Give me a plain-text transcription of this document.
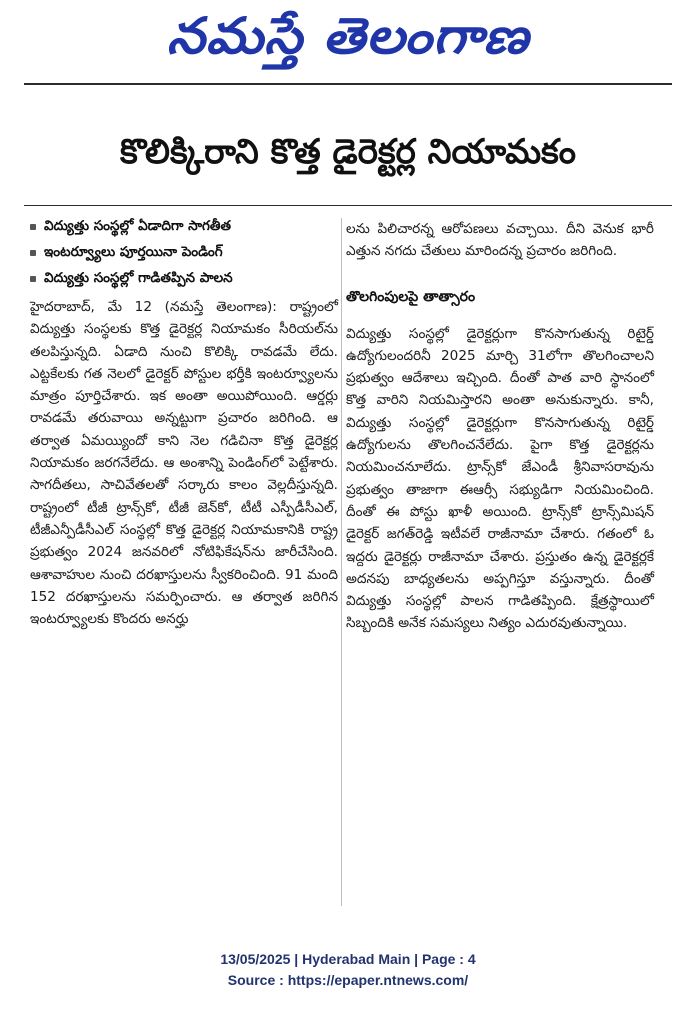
నమస్తే తెలంగాణ
కొలిక్కిరాని కొత్త డైరెక్టర్ల నియామకం
విద్యుత్తు సంస్థల్లో ఏడాదిగా సాగతీత
ఇంటర్వ్యూలు పూర్తయినా పెండింగ్
విద్యుత్తు సంస్థల్లో గాడితప్పిన పాలన

హైదరాబాద్, మే 12 (నమస్తే తెలంగాణ): రాష్ట్రంలో విద్యుత్తు సంస్థలకు కొత్త డైరెక్టర్ల నియామకం సీరియల్‌ను తలపిస్తున్నది. ఏడాది నుంచి కొలిక్కి రావడమే లేదు. ఎట్టకేలకు గత నెలలో డైరెక్టర్ పోస్టుల భర్తీకి ఇంటర్వ్యూలను మాత్రం పూర్తిచేశారు. ఇక అంతా అయిపోయింది. ఆర్డర్లు రావడమే తరువాయి అన్నట్టుగా ప్రచారం జరిగింది. ఆ తర్వాత ఏమయ్యిందో కాని నెల గడిచినా కొత్త డైరెక్టర్ల నియామకం జరగనేలేదు. ఆ అంశాన్ని పెండింగ్‌లో పెట్టేశారు. సాగదీతలు, సాచివేతలతో సర్కారు కాలం వెల్లదీస్తున్నది. రాష్ట్రంలో టీజీ ట్రాన్స్‌కో, టీజీ జెన్‌కో, టీటీ ఎస్పీడీసీఎల్, టీజీఎన్పీడీసీఎల్ సంస్థల్లో కొత్త డైరెక్టర్ల నియామకానికి రాష్ట్ర ప్రభుత్వం 2024 జనవరిలో నోటిఫికేషన్‌ను జారీచేసింది. ఆశావాహుల నుంచి దరఖాస్తులను స్వీకరించింది. 91 మంది 152 దరఖాస్తులను సమర్పించారు. ఆ తర్వాత జరిగిన ఇంటర్వ్యూలకు కొందరు అనర్హు

లను పిలిచారన్న ఆరోపణలు వచ్చాయి. దీని వెనుక భారీ ఎత్తున నగదు చేతులు మారిందన్న ప్రచారం జరిగింది.

తొలగింపులపై తాత్సారం

విద్యుత్తు సంస్థల్లో డైరెక్టర్లుగా కొనసాగుతున్న రిటైర్డ్ ఉద్యోగులందరినీ 2025 మార్చి 31లోగా తొలగించాలని ప్రభుత్వం ఆదేశాలు ఇచ్చింది. దీంతో పాత వారి స్థానంలో కొత్త వారిని నియమిస్తారని అంతా అనుకున్నారు. కానీ, విద్యుత్తు సంస్థల్లో డైరెక్టర్లుగా కొనసాగుతున్న రిటైర్డ్ ఉద్యోగులను తొలగించనేలేదు. పైగా కొత్త డైరెక్టర్లను నియమించనూలేదు. ట్రాన్స్‌కో జేఎండీ శ్రీనివాసరావును ప్రభుత్వం తాజాగా ఈఆర్సీ సభ్యుడిగా నియమించింది. దీంతో ఈ పోస్టు ఖాళీ అయింది. ట్రాన్స్‌కో ట్రాన్స్‌మిషన్ డైరెక్టర్ జగత్‌రెడ్డి ఇటీవలే రాజీనామా చేశారు. గతంలో ఓ ఇద్దరు డైరెక్టర్లు రాజీనామా చేశారు. ప్రస్తుతం ఉన్న డైరెక్టర్లకే అదనపు బాధ్యతలను అప్పగిస్తూ వస్తున్నారు. దీంతో విద్యుత్తు సంస్థల్లో పాలన గాడితప్పింది. క్షేత్రస్థాయిలో సిబ్బందికి అనేక సమస్యలు నిత్యం ఎదురవుతున్నాయి.

13/05/2025 | Hyderabad Main | Page : 4
Source : https://epaper.ntnews.com/
